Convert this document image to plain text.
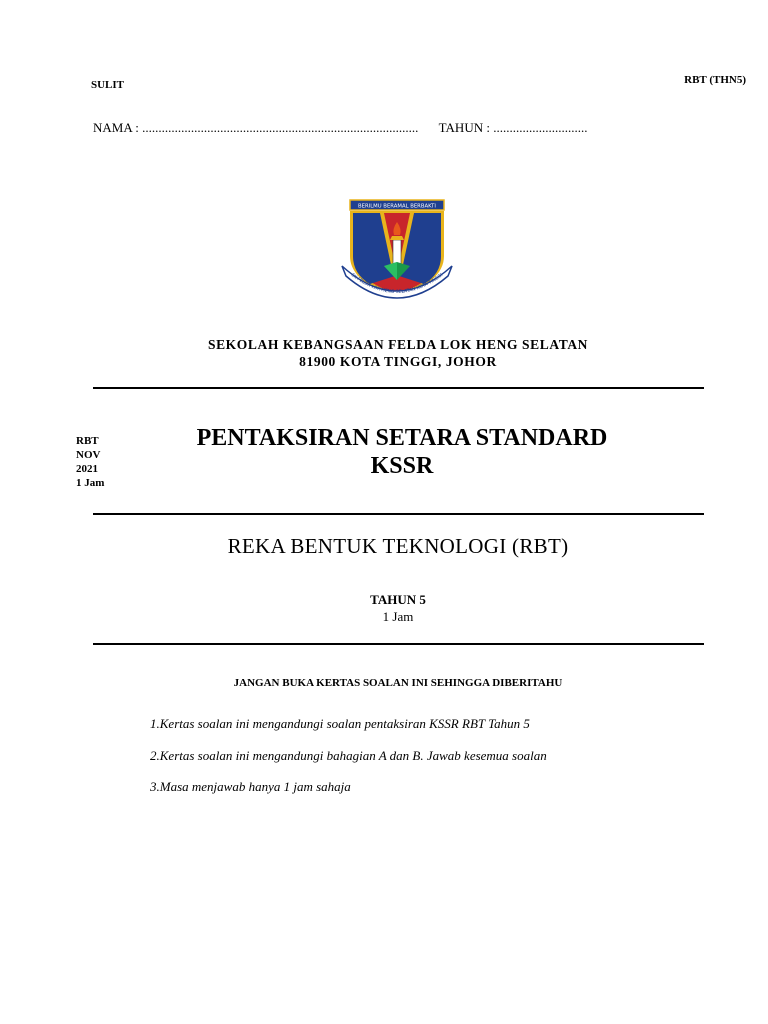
SULIT	RBT (THN5)
NAMA : ..................................................................................... TAHUN : .............................
BERILMU BERAMAL BERBAKTI
SK FELDA LOK HENG SELATAN KOTA TINGGI
SEKOLAH KEBANGSAAN FELDA LOK HENG SELATAN
81900 KOTA TINGGI, JOHOR
RBT
NOV
2021
1 Jam
PENTAKSIRAN SETARA STANDARD
KSSR
REKA BENTUK TEKNOLOGI (RBT)
TAHUN 5
1 Jam
JANGAN BUKA KERTAS SOALAN INI SEHINGGA DIBERITAHU
1.Kertas soalan ini mengandungi soalan pentaksiran KSSR RBT Tahun 5
2.Kertas soalan ini mengandungi bahagian A dan B. Jawab kesemua soalan
3.Masa menjawab hanya 1 jam sahaja
